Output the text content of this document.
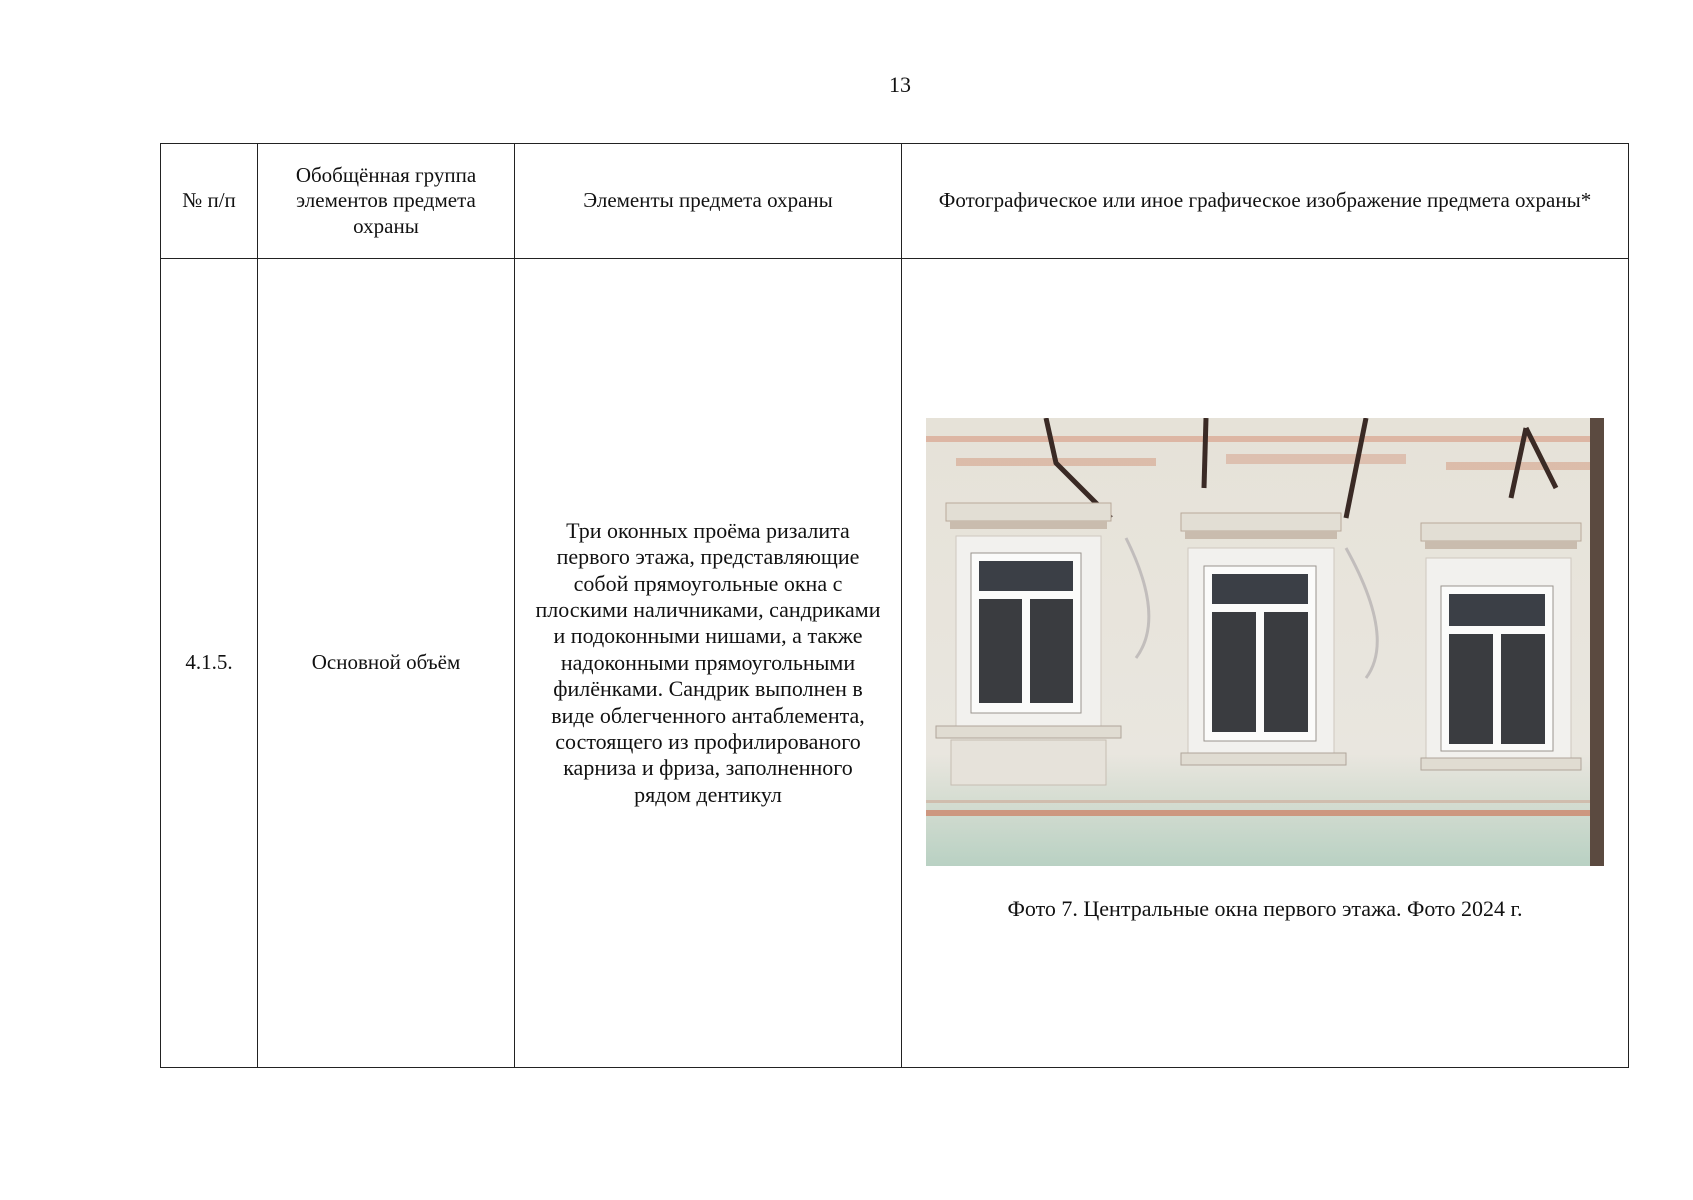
13
№ п/п	Обобщённая группа элементов предмета охраны	Элементы предмета охраны	Фотографическое или иное графическое изображение предмета охраны*
4.1.5.	Основной объём	Три оконных проёма ризалита первого этажа, представляющие собой прямоугольные окна с плоскими наличниками, сандриками и подоконными нишами, а также надоконными прямоугольными филёнками. Сандрик выполнен в виде облегченного антаблемента, состоящего из профилированого карниза и фриза, заполненного рядом дентикул	Фото 7. Центральные окна первого этажа. Фото 2024 г.
